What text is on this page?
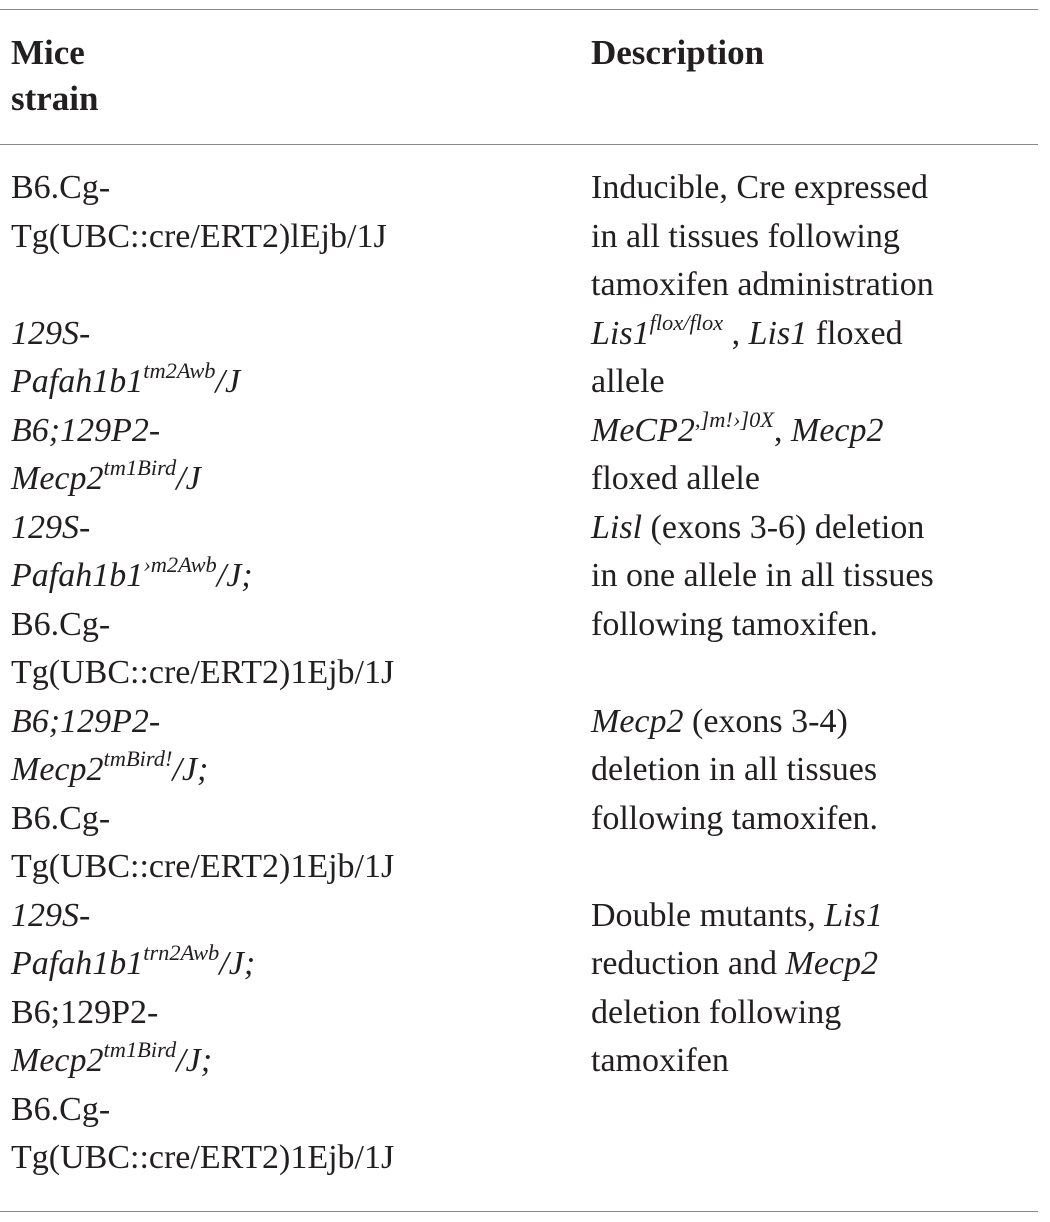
Mice
strain
Description
B6.Cg-
Tg(UBC::cre/ERT2)lEjb/1J
Inducible, Cre expressed
in all tissues following
tamoxifen administration
129S-
$Pafah1b1^{tm2Awb}/J$
$Lis1^{flox/flox}$ , Lis1 floxed
allele
B6;129P2-
$Mecp2^{tm1Bird}/J$
$MeCP2^{,]m!›]0X}$, Mecp2
floxed allele
129S-
$Pafah1b1^{›m2Awb}/J$;
B6.Cg-
Tg(UBC::cre/ERT2)1Ejb/1J
Lisl (exons 3-6) deletion
in one allele in all tissues
following tamoxifen.
B6;129P2-
$Mecp2^{tmBird!}/J$;
B6.Cg-
Tg(UBC::cre/ERT2)1Ejb/1J
Mecp2 (exons 3-4)
deletion in all tissues
following tamoxifen.
129S-
$Pafah1b1^{trn2Awb}/J$;
B6;129P2-
$Mecp2^{tm1Bird}/J$;
B6.Cg-
Tg(UBC::cre/ERT2)1Ejb/1J
Double mutants, Lis1
reduction and Mecp2
deletion following
tamoxifen
